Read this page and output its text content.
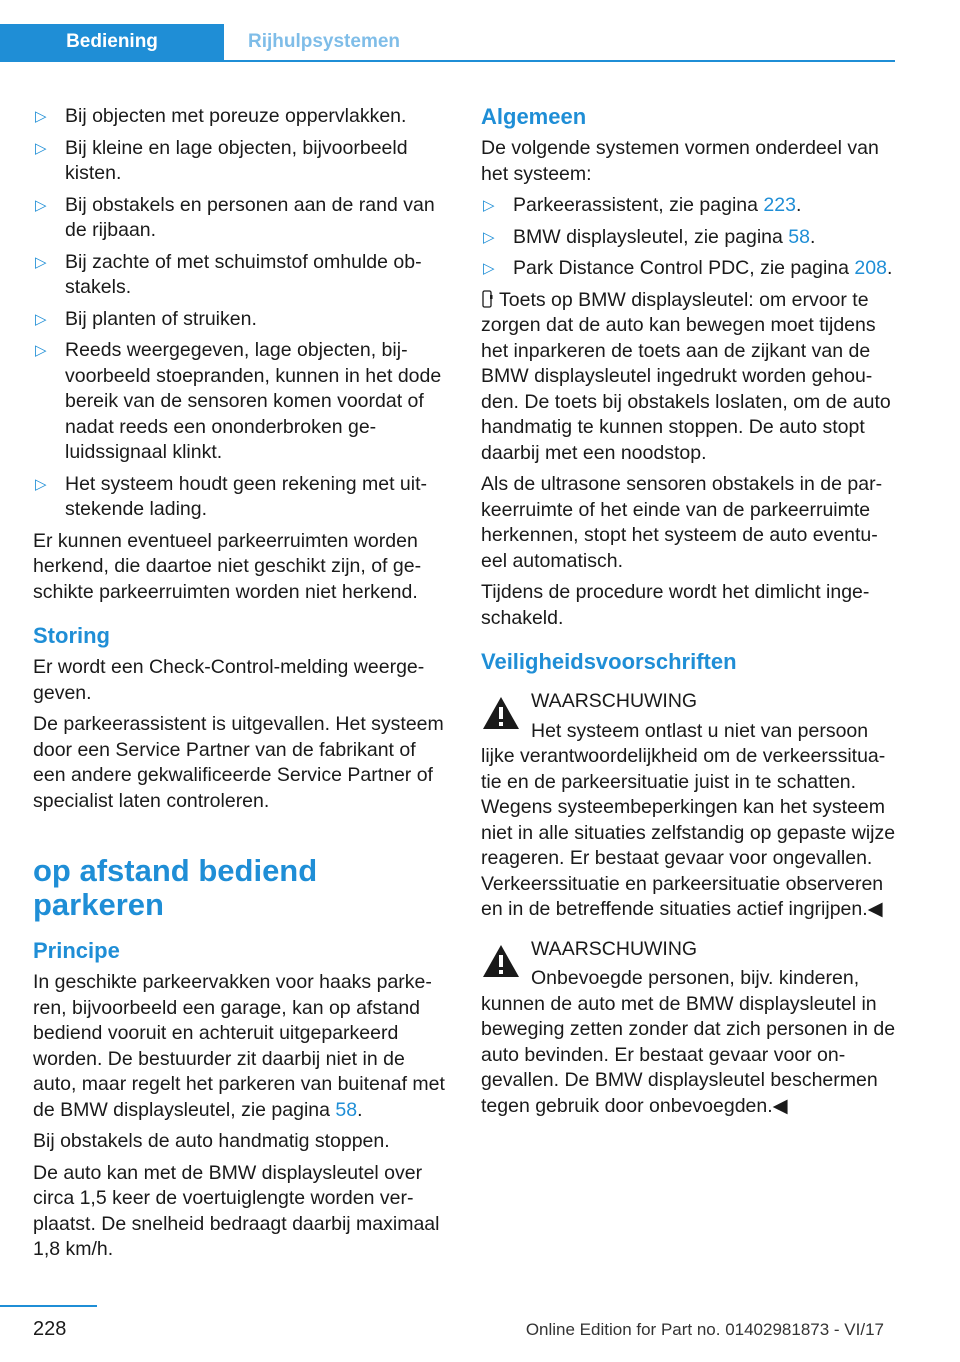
Bediening	Rijhulpsystemen
▷ Bij objecten met poreuze oppervlakken.
▷ Bij kleine en lage objecten, bijvoorbeeld kisten.
▷ Bij obstakels en personen aan de rand van de rijbaan.
▷ Bij zachte of met schuimstof omhulde obstakels.
▷ Bij planten of struiken.
▷ Reeds weergegeven, lage objecten, bijvoorbeeld stoepranden, kunnen in het dode bereik van de sensoren komen voordat of nadat reeds een ononderbroken geluidssignaal klinkt.
▷ Het systeem houdt geen rekening met uitstekende lading.

Er kunnen eventueel parkeerruimten worden herkend, die daartoe niet geschikt zijn, of geschikte parkeerruimten worden niet herkend.

Storing

Er wordt een Check-Control-melding weergegeven.

De parkeerassistent is uitgevallen. Het systeem door een Service Partner van de fabrikant of een andere gekwalificeerde Service Partner of specialist laten controleren.

op afstand bediend parkeren
Principe

In geschikte parkeervakken voor haaks parkeren, bijvoorbeeld een garage, kan op afstand bediend vooruit en achteruit uitgeparkeerd worden. De bestuurder zit daarbij niet in de auto, maar regelt het parkeren van buitenaf met de BMW displaysleutel, zie pagina 58.

Bij obstakels de auto handmatig stoppen.

De auto kan met de BMW displaysleutel over circa 1,5 keer de voertuiglengte worden verplaatst. De snelheid bedraagt daarbij maximaal 1,8 km/h.

Algemeen

De volgende systemen vormen onderdeel van het systeem:

▷ Parkeerassistent, zie pagina 223.
▷ BMW displaysleutel, zie pagina 58.
▷ Park Distance Control PDC, zie pagina 208.

Toets op BMW displaysleutel: om ervoor te zorgen dat de auto kan bewegen moet tijdens het inparkeren de toets aan de zijkant van de BMW displaysleutel ingedrukt worden gehouden. De toets bij obstakels loslaten, om de auto handmatig te kunnen stoppen. De auto stopt daarbij met een noodstop.

Als de ultrasone sensoren obstakels in de parkeerruimte of het einde van de parkeerruimte herkennen, stopt het systeem de auto eventueel automatisch.

Tijdens de procedure wordt het dimlicht ingeschakeld.

Veiligheidsvoorschriften
WAARSCHUWING
Het systeem ontlast u niet van persoon
lijke verantwoordelijkheid om de verkeerssituatie en de parkeersituatie juist in te schatten. Wegens systeembeperkingen kan het systeem niet in alle situaties zelfstandig op gepaste wijze reageren. Er bestaat gevaar voor ongevallen. Verkeerssituatie en parkeersituatie observeren en in de betreffende situaties actief ingrijpen.◀
WAARSCHUWING
Onbevoegde personen, bijv. kinderen,
kunnen de auto met de BMW displaysleutel in beweging zetten zonder dat zich personen in de auto bevinden. Er bestaat gevaar voor ongevallen. De BMW displaysleutel beschermen tegen gebruik door onbevoegden.◀
228	Online Edition for Part no. 01402981873 - VI/17
